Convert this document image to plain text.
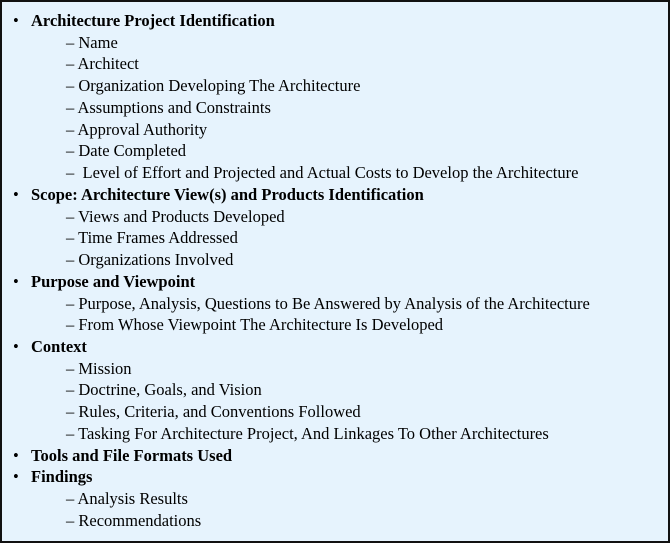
• Architecture Project Identification
– Name
– Architect
– Organization Developing The Architecture
– Assumptions and Constraints
– Approval Authority
– Date Completed
–  Level of Effort and Projected and Actual Costs to Develop the Architecture
• Scope: Architecture View(s) and Products Identification
– Views and Products Developed
– Time Frames Addressed
– Organizations Involved
• Purpose and Viewpoint
– Purpose, Analysis, Questions to Be Answered by Analysis of the Architecture
– From Whose Viewpoint The Architecture Is Developed
• Context
– Mission
– Doctrine, Goals, and Vision
– Rules, Criteria, and Conventions Followed
– Tasking For Architecture Project, And Linkages To Other Architectures
• Tools and File Formats Used
• Findings
– Analysis Results
– Recommendations
